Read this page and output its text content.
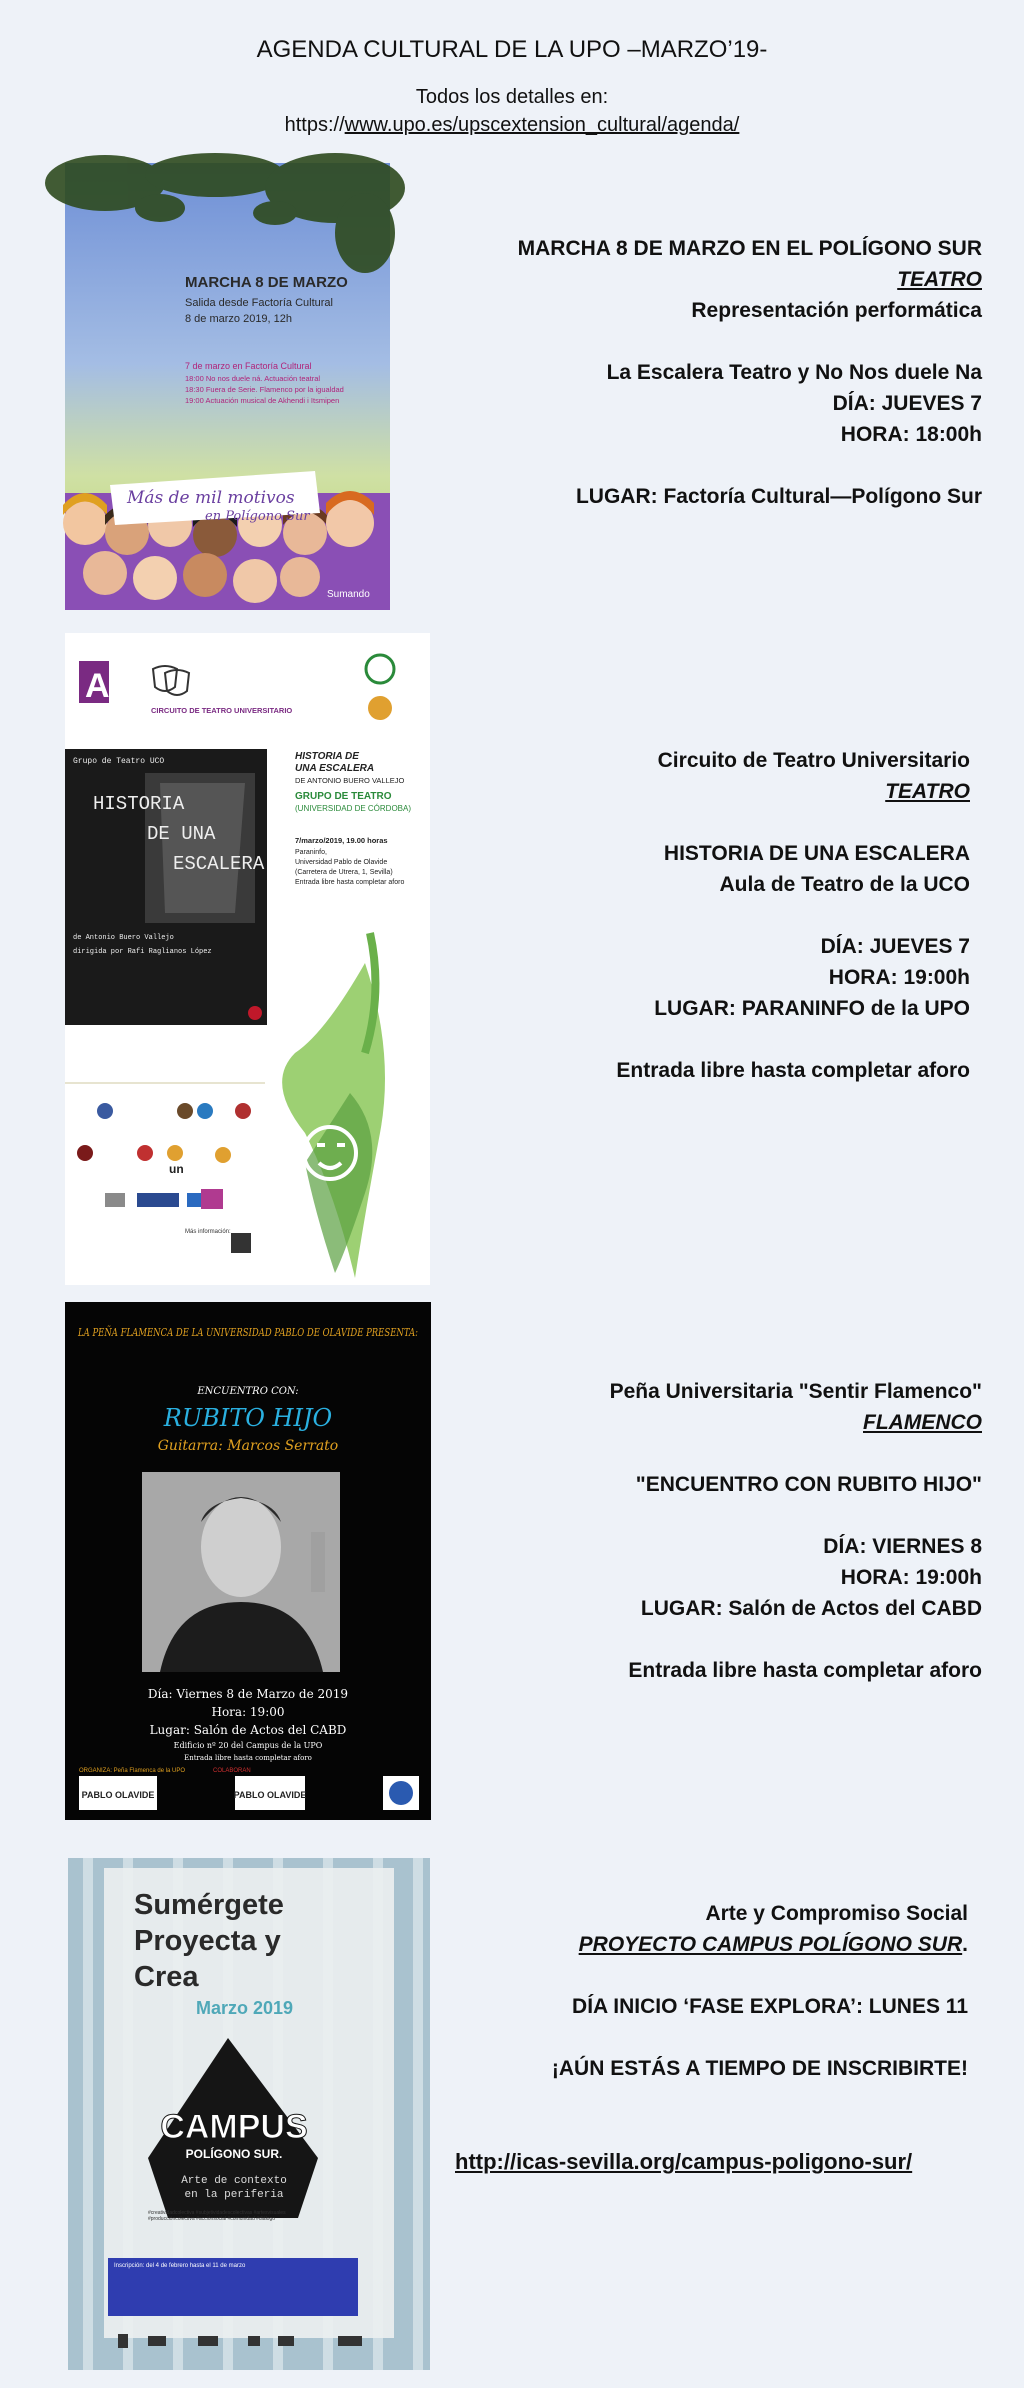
AGENDA CULTURAL DE LA UPO –MARZO’19-
Todos los detalles en:
https://www.upo.es/upscextension_cultural/agenda/
Más de mil motivos
en Polígono Sur
Sumando
MARCHA 8 DE MARZO
Salida desde Factoría Cultural
8 de marzo 2019, 12h
7 de marzo en Factoría Cultural
18:00 No nos duele ná. Actuación teatral
18:30 Fuera de Serie. Flamenco por la igualdad
19:00 Actuación musical de Akhendi i Itsmipen
MARCHA 8 DE MARZO EN EL POLÍGONO SUR
TEATRO
Representación performática
La Escalera Teatro y No Nos duele Na
DÍA: JUEVES 7
HORA: 18:00h
LUGAR: Factoría Cultural—Polígono Sur
A
CIRCUITO DE TEATRO UNIVERSITARIO
Grupo de Teatro UCO
HISTORIA
DE UNA
ESCALERA
de Antonio Buero Vallejo
dirigida por Rafi Raglianos López
HISTORIA DE
UNA ESCALERA
DE ANTONIO BUERO VALLEJO
GRUPO DE TEATRO
(UNIVERSIDAD DE CÓRDOBA)
7/marzo/2019, 19.00 horas
Paraninfo,
Universidad Pablo de Olavide
(Carretera de Utrera, 1, Sevilla)
Entrada libre hasta completar aforo
un
Más información:
Circuito de Teatro Universitario
TEATRO
HISTORIA DE UNA ESCALERA
Aula de Teatro de la UCO
DÍA: JUEVES 7
HORA: 19:00h
LUGAR: PARANINFO de la UPO
Entrada libre hasta completar aforo
LA PEÑA FLAMENCA DE LA UNIVERSIDAD PABLO DE OLAVIDE PRESENTA:
ENCUENTRO CON:
RUBITO HIJO
Guitarra: Marcos Serrato
Día: Viernes 8 de Marzo de 2019
Hora: 19:00
Lugar: Salón de Actos del CABD
Edificio nº 20 del Campus de la UPO
Entrada libre hasta completar aforo
ORGANIZA: Peña Flamenca de la UPO	COLABORAN
PABLO OLAVIDE	PABLO OLAVIDE
Peña Universitaria "Sentir Flamenco"
FLAMENCO
"ENCUENTRO CON RUBITO HIJO"
DÍA: VIERNES 8
HORA: 19:00h
LUGAR: Salón de Actos del CABD
Entrada libre hasta completar aforo
Sumérgete
Proyecta y
Crea
Marzo 2019
CAMPUS
POLÍGONO SUR.
Arte de contexto
en la periferia
#creatividadcolectiva #subjetividadescolectivas #artesvisuales #produccióncolectiva #acciónsocial #comunidad #diálogo
Inscripción: del 4 de febrero hasta el 11 de marzo
Arte y Compromiso Social
PROYECTO CAMPUS POLÍGONO SUR.
DÍA INICIO ‘FASE EXPLORA’: LUNES 11
¡AÚN ESTÁS A TIEMPO DE INSCRIBIRTE!
http://icas-sevilla.org/campus-poligono-sur/
